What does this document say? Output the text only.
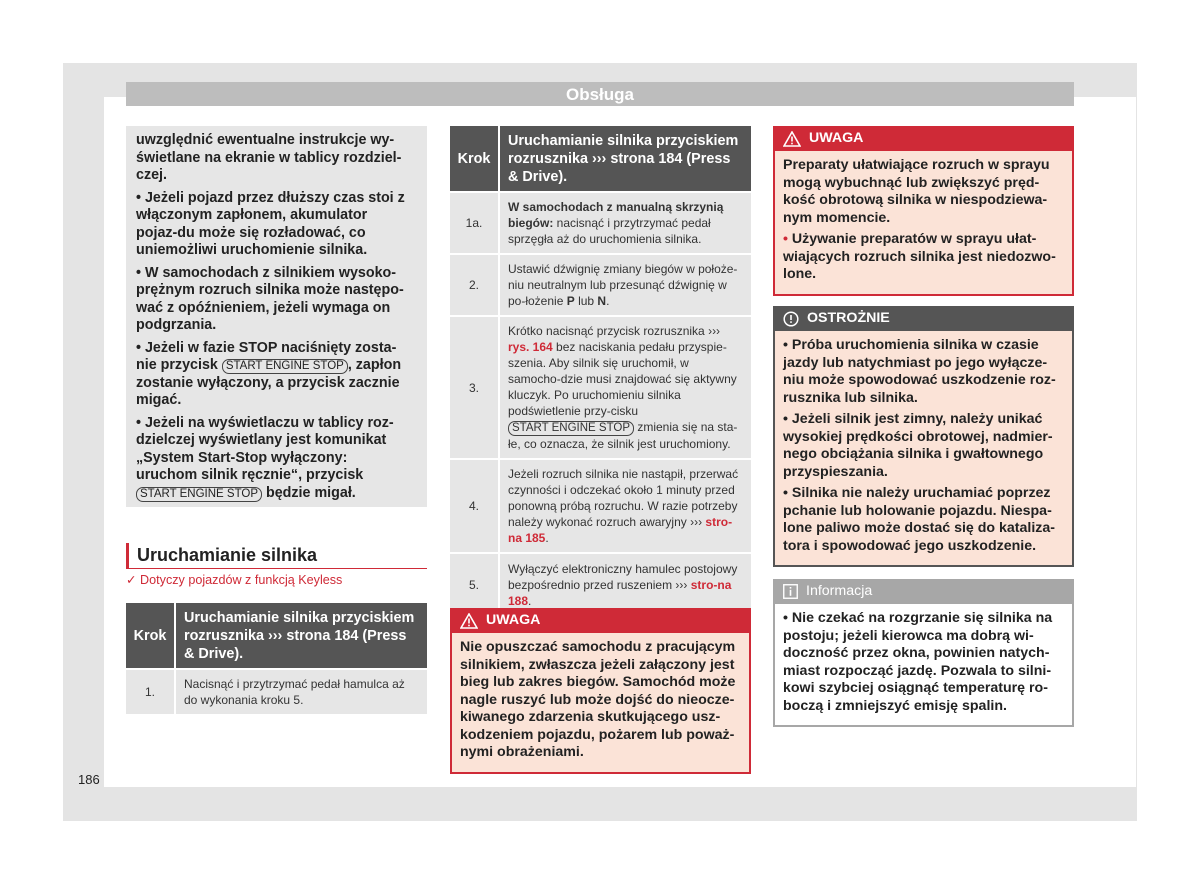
Obsługa

uwzględnić ewentualne instrukcje wy-świetlane na ekranie w tablicy rozdziel-czej.

• Jeżeli pojazd przez dłuższy czas stoi z włączonym zapłonem, akumulator pojaz-du może się rozładować, co uniemożliwi uruchomienie silnika.

• W samochodach z silnikiem wysoko-prężnym rozruch silnika może następo-wać z opóźnieniem, jeżeli wymaga on podgrzania.

• Jeżeli w fazie STOP naciśnięty zosta-nie przycisk START ENGINE STOP , zapłon zostanie wyłączony, a przycisk zacznie migać.

• Jeżeli na wyświetlaczu w tablicy roz-dzielczej wyświetlany jest komunikat „System Start-Stop wyłączony: uruchom silnik ręcznie“, przycisk START ENGINE STOP będzie migał.

Uruchamianie silnika
✓ Dotyczy pojazdów z funkcją Keyless
Krok	Uruchamianie silnika przyciskiem rozrusznika ››› strona 184 (Press & Drive).
1.	Nacisnąć i przytrzymać pedał hamulca aż do wykonania kroku 5.
Krok	Uruchamianie silnika przyciskiem rozrusznika ››› strona 184 (Press & Drive).
1a.	W samochodach z manualną skrzynią biegów: nacisnąć i przytrzymać pedał sprzęgła aż do uruchomienia silnika.
2.	Ustawić dźwignię zmiany biegów w położe-niu neutralnym lub przesunąć dźwignię w po-łożenie P lub N.
3.	Krótko nacisnąć przycisk rozrusznika ››› rys. 164 bez naciskania pedału przyspie-szenia. Aby silnik się uruchomił, w samocho-dzie musi znajdować się aktywny kluczyk. Po uruchomieniu silnika podświetlenie przy-cisku START ENGINE STOP zmienia się na sta-łe, co oznacza, że silnik jest uruchomiony.
4.	Jeżeli rozruch silnika nie nastąpił, przerwać czynności i odczekać około 1 minuty przed ponowną próbą rozruchu. W razie potrzeby należy wykonać rozruch awaryjny ››› stro-na 185.
5.	Wyłączyć elektroniczny hamulec postojowy bezpośrednio przed ruszeniem ››› stro-na 188.
UWAGA

Nie opuszczać samochodu z pracującym silnikiem, zwłaszcza jeżeli załączony jest bieg lub zakres biegów. Samochód może nagle ruszyć lub może dojść do nieocze-kiwanego zdarzenia skutkującego usz-kodzeniem pojazdu, pożarem lub poważ-nymi obrażeniami.

UWAGA

Preparaty ułatwiające rozruch w sprayu mogą wybuchnąć lub zwiększyć pręd-kość obrotową silnika w niespodziewa-nym momencie.

• Używanie preparatów w sprayu ułat-wiających rozruch silnika jest niedozwo-lone.

OSTROŻNIE

• Próba uruchomienia silnika w czasie jazdy lub natychmiast po jego wyłącze-niu może spowodować uszkodzenie roz-rusznika lub silnika.

• Jeżeli silnik jest zimny, należy unikać wysokiej prędkości obrotowej, nadmier-nego obciążania silnika i gwałtownego przyspieszania.

• Silnika nie należy uruchamiać poprzez pchanie lub holowanie pojazdu. Niespa-lone paliwo może dostać się do kataliza-tora i spowodować jego uszkodzenie.

Informacja

• Nie czekać na rozgrzanie się silnika na postoju; jeżeli kierowca ma dobrą wi-doczność przez okna, powinien natych-miast rozpocząć jazdę. Pozwala to silni-kowi szybciej osiągnąć temperaturę ro-boczą i zmniejszyć emisję spalin.

186
